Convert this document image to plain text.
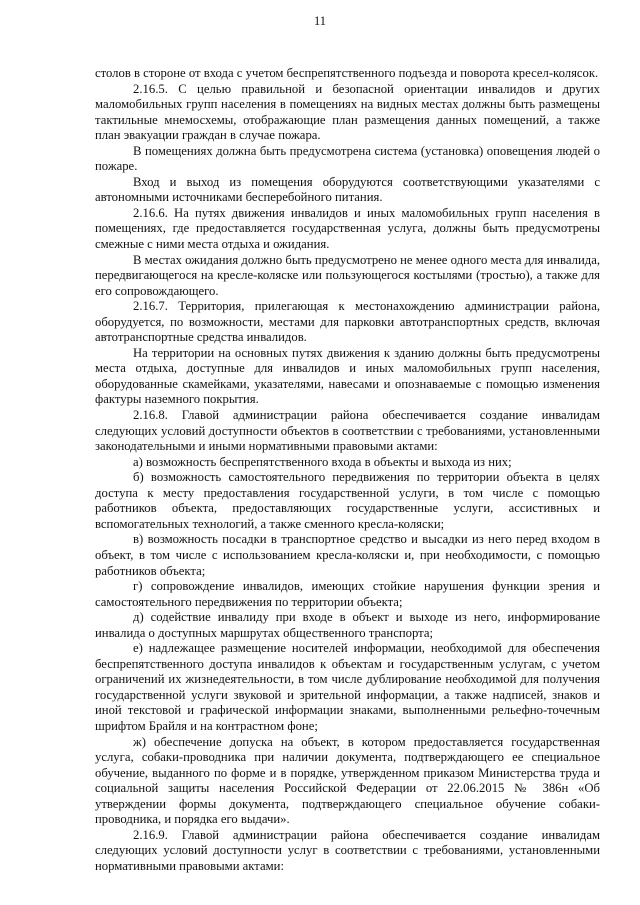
11

столов в стороне от входа с учетом беспрепятственного подъезда и поворота кресел-колясок.

2.16.5. С целью правильной и безопасной ориентации инвалидов и других маломобильных групп населения в помещениях на видных местах должны быть размещены тактильные мнемосхемы, отображающие план размещения данных помещений, а также план эвакуации граждан в случае пожара.

В помещениях должна быть предусмотрена система (установка) оповещения людей о пожаре.

Вход и выход из помещения оборудуются соответствующими указателями с автономными источниками бесперебойного питания.

2.16.6. На путях движения инвалидов и иных маломобильных групп населения в помещениях, где предоставляется государственная услуга, должны быть предусмотрены смежные с ними места отдыха и ожидания.

В местах ожидания должно быть предусмотрено не менее одного места для инвалида, передвигающегося на кресле-коляске или пользующегося костылями (тростью), а также для его сопровождающего.

2.16.7. Территория, прилегающая к местонахождению администрации района, оборудуется, по возможности, местами для парковки автотранспортных средств, включая автотранспортные средства инвалидов.

На территории на основных путях движения к зданию должны быть предусмотрены места отдыха, доступные для инвалидов и иных маломобильных групп населения, оборудованные скамейками, указателями, навесами и опознаваемые с помощью изменения фактуры наземного покрытия.

2.16.8. Главой администрации района обеспечивается создание инвалидам следующих условий доступности объектов в соответствии с требованиями, установленными законодательными и иными нормативными правовыми актами:

а) возможность беспрепятственного входа в объекты и выхода из них;

б) возможность самостоятельного передвижения по территории объекта в целях доступа к месту предоставления государственной услуги, в том числе с помощью работников объекта, предоставляющих государственные услуги, ассистивных и вспомогательных технологий, а также сменного кресла-коляски;

в) возможность посадки в транспортное средство и высадки из него перед входом в объект, в том числе с использованием кресла-коляски и, при необходимости, с помощью работников объекта;

г) сопровождение инвалидов, имеющих стойкие нарушения функции зрения и самостоятельного передвижения по территории объекта;

д) содействие инвалиду при входе в объект и выходе из него, информирование инвалида о доступных маршрутах общественного транспорта;

е) надлежащее размещение носителей информации, необходимой для обеспечения беспрепятственного доступа инвалидов к объектам и государственным услугам, с учетом ограничений их жизнедеятельности, в том числе дублирование необходимой для получения государственной услуги звуковой и зрительной информации, а также надписей, знаков и иной текстовой и графической информации знаками, выполненными рельефно-точечным шрифтом Брайля и на контрастном фоне;

ж) обеспечение допуска на объект, в котором предоставляется государственная услуга, собаки-проводника при наличии документа, подтверждающего ее специальное обучение, выданного по форме и в порядке, утвержденном приказом Министерства труда и социальной защиты населения Российской Федерации от 22.06.2015 № 386н «Об утверждении формы документа, подтверждающего специальное обучение собаки-проводника, и порядка его выдачи».

2.16.9. Главой администрации района обеспечивается создание инвалидам следующих условий доступности услуг в соответствии с требованиями, установленными нормативными правовыми актами:
